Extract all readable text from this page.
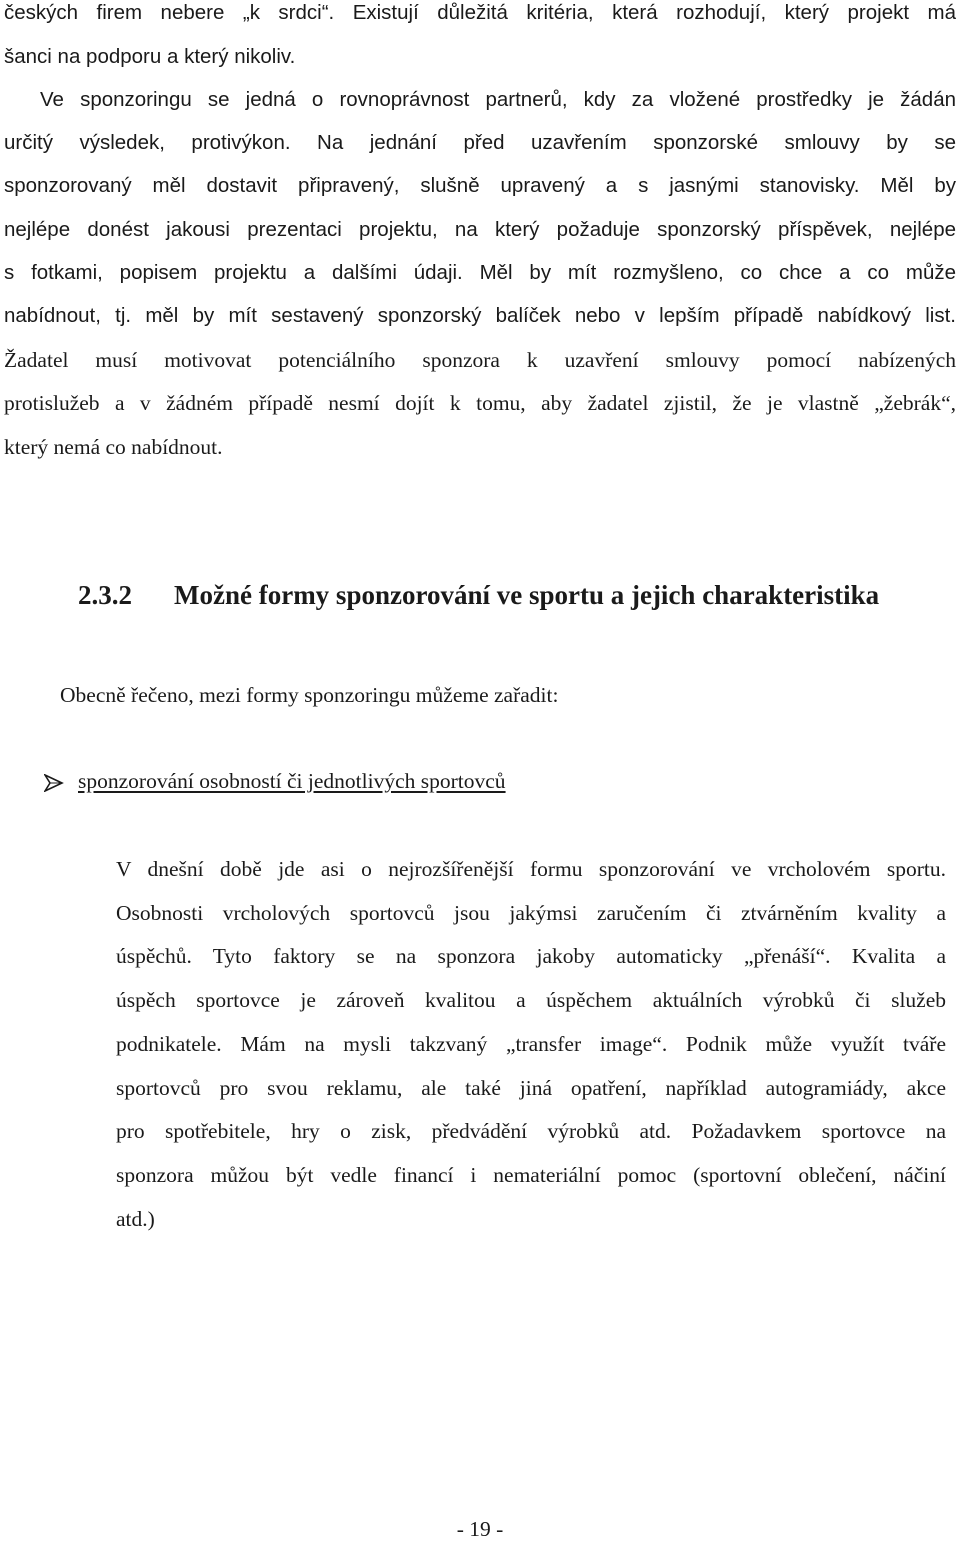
českých firem nebere „k srdci“. Existují důležitá kritéria, která rozhodují, který projekt má
šanci na podporu a který nikoliv.
Ve sponzoringu se jedná o rovnoprávnost partnerů, kdy za vložené prostředky je žádán
určitý výsledek, protivýkon. Na jednání před uzavřením sponzorské smlouvy by se
sponzorovaný měl dostavit připravený, slušně upravený a s jasnými stanovisky. Měl by
nejlépe donést jakousi prezentaci projektu, na který požaduje sponzorský příspěvek, nejlépe
s fotkami, popisem projektu a dalšími údaji. Měl by mít rozmyšleno, co chce a co může
nabídnout, tj. měl by mít sestavený sponzorský balíček nebo v lepším případě nabídkový list.
Žadatel musí motivovat potenciálního sponzora k uzavření smlouvy pomocí nabízených
protislužeb a v žádném případě nesmí dojít k tomu, aby žadatel zjistil, že je vlastně „žebrák“,
který nemá co nabídnout.
2.3.2 Možné formy sponzorování ve sportu a jejich charakteristika
Obecně řečeno, mezi formy sponzoringu můžeme zařadit:
sponzorování osobností či jednotlivých sportovců
V dnešní době jde asi o nejrozšířenější formu sponzorování ve vrcholovém sportu.
Osobnosti vrcholových sportovců jsou jakýmsi zaručením či ztvárněním kvality a
úspěchů. Tyto faktory se na sponzora jakoby automaticky „přenáší“. Kvalita a
úspěch sportovce je zároveň kvalitou a úspěchem aktuálních výrobků či služeb
podnikatele. Mám na mysli takzvaný „transfer image“. Podnik může využít tváře
sportovců pro svou reklamu, ale také jiná opatření, například autogramiády, akce
pro spotřebitele, hry o zisk, předvádění výrobků atd. Požadavkem sportovce na
sponzora můžou být vedle financí i nemateriální pomoc (sportovní oblečení, náčiní
atd.)
- 19 -
